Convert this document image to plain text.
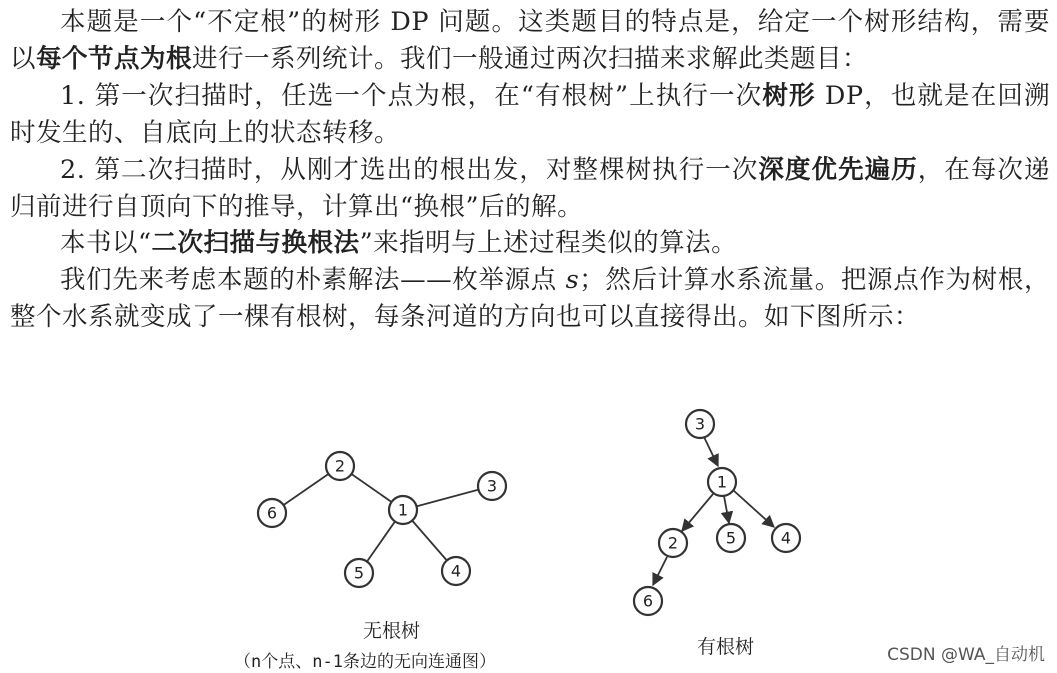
本题是一个“不定根”的树形 DP 问题。这类题目的特点是，给定一个树形结构，需要以每个节点为根进行一系列统计。我们一般通过两次扫描来求解此类题目：

1. 第一次扫描时，任选一个点为根，在“有根树”上执行一次树形 DP，也就是在回溯时发生的、自底向上的状态转移。

2. 第二次扫描时，从刚才选出的根出发，对整棵树执行一次深度优先遍历，在每次递归前进行自顶向下的推导，计算出“换根”后的解。

本书以“二次扫描与换根法”来指明与上述过程类似的算法。

我们先来考虑本题的朴素解法——枚举源点 s；然后计算水系流量。把源点作为树根，整个水系就变成了一棵有根树，每条河道的方向也可以直接得出。如下图所示：

2
6	1
3
5	4
3
1
2	5	4
6
无根树
（n个点、n-1条边的无向连通图）
有根树	CSDN @WA_自动机
